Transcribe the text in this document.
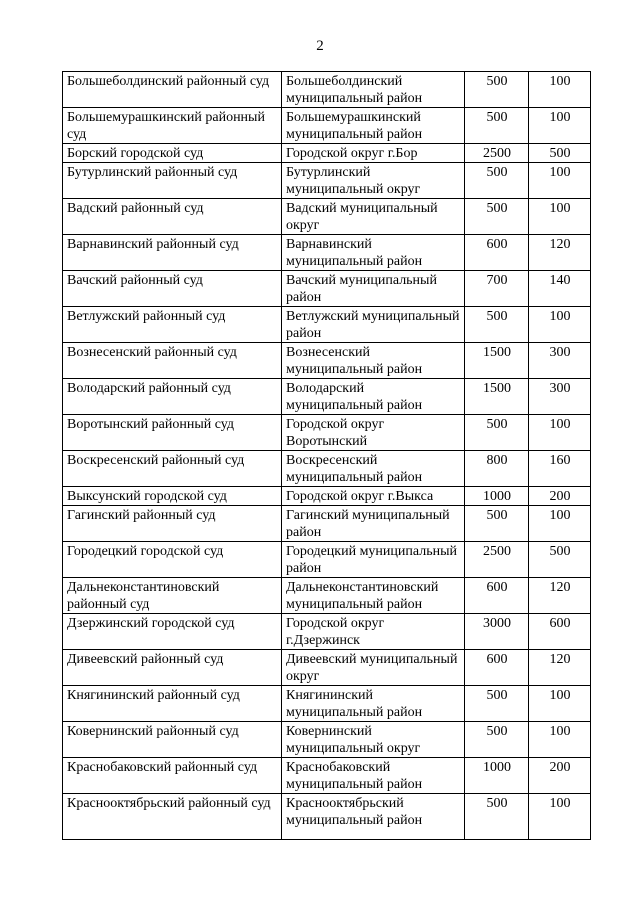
2
Большеболдинский районный суд	Большеболдинский муниципальный район	500	100
Большемурашкинский районный суд	Большемурашкинский муниципальный район	500	100
Борский городской суд	Городской округ г.Бор	2500	500
Бутурлинский районный суд	Бутурлинский муниципальный округ	500	100
Вадский районный суд	Вадский муниципальный округ	500	100
Варнавинский районный суд	Варнавинский муниципальный район	600	120
Вачский районный суд	Вачский муниципальный район	700	140
Ветлужский районный суд	Ветлужский муниципальный район	500	100
Вознесенский районный суд	Вознесенский муниципальный район	1500	300
Володарский районный суд	Володарский муниципальный район	1500	300
Воротынский районный суд	Городской округ Воротынский	500	100
Воскресенский районный суд	Воскресенский муниципальный район	800	160
Выксунский городской суд	Городской округ г.Выкса	1000	200
Гагинский районный суд	Гагинский муниципальный район	500	100
Городецкий городской суд	Городецкий муниципальный район	2500	500
Дальнеконстантиновский районный суд	Дальнеконстантиновский муниципальный район	600	120
Дзержинский городской суд	Городской округ г.Дзержинск	3000	600
Дивеевский районный суд	Дивеевский муниципальный округ	600	120
Княгининский районный суд	Княгининский муниципальный район	500	100
Ковернинский районный суд	Ковернинский муниципальный округ	500	100
Краснобаковский районный суд	Краснобаковский муниципальный район	1000	200
Краснооктябрьский районный суд	Краснооктябрьский муниципальный район	500	100
